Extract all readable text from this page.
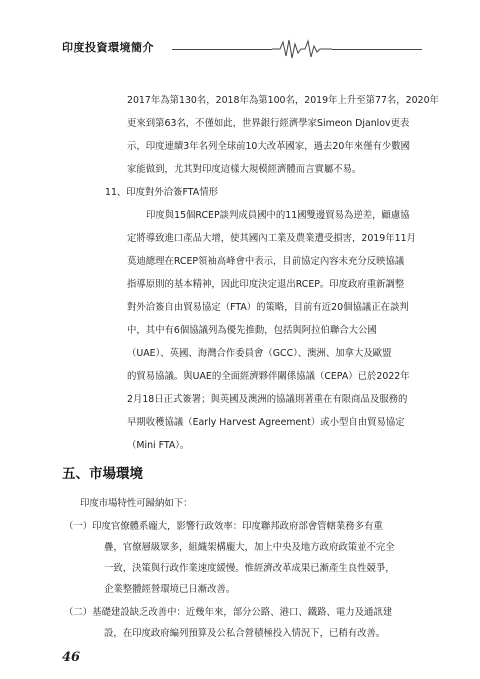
印度投資環境簡介
2017年為第130名，2018年為第100名，2019年上升至第77名，2020年
更來到第63名，不僅如此，世界銀行經濟學家Simeon Djanlov更表
示，印度連續3年名列全球前10大改革國家，過去20年來僅有少數國
家能做到，尤其對印度這樣大規模經濟體而言實屬不易。
11、印度對外洽簽FTA情形
印度與15個RCEP談判成員國中的11國雙邊貿易為逆差，顧慮協
定將導致進口產品大增，使其國內工業及農業遭受損害，2019年11月
莫迪總理在RCEP領袖高峰會中表示，目前協定內容未充分反映協議
指導原則的基本精神，因此印度決定退出RCEP。印度政府重新調整
對外洽簽自由貿易協定（FTA）的策略，目前有近20個協議正在談判
中，其中有6個協議列為優先推動，包括與阿拉伯聯合大公國
（UAE）、英國、海灣合作委員會（GCC）、澳洲、加拿大及歐盟
的貿易協議。與UAE的全面經濟夥伴關係協議（CEPA）已於2022年
2月18日正式簽署；與英國及澳洲的協議則著重在有限商品及服務的
早期收穫協議（Early Harvest Agreement）或小型自由貿易協定
（Mini FTA）。
五、市場環境
印度市場特性可歸納如下：
（一）印度官僚體系龐大，影響行政效率：印度聯邦政府部會管轄業務多有重
疊，官僚層級眾多，組織架構龐大，加上中央及地方政府政策並不完全
一致，決策與行政作業速度緩慢。惟經濟改革成果已漸產生良性競爭，
企業整體經營環境已日漸改善。
（二）基礎建設缺乏改善中：近幾年來，部分公路、港口、鐵路、電力及通訊建
設，在印度政府編列預算及公私合營積極投入情況下，已稍有改善。
46
